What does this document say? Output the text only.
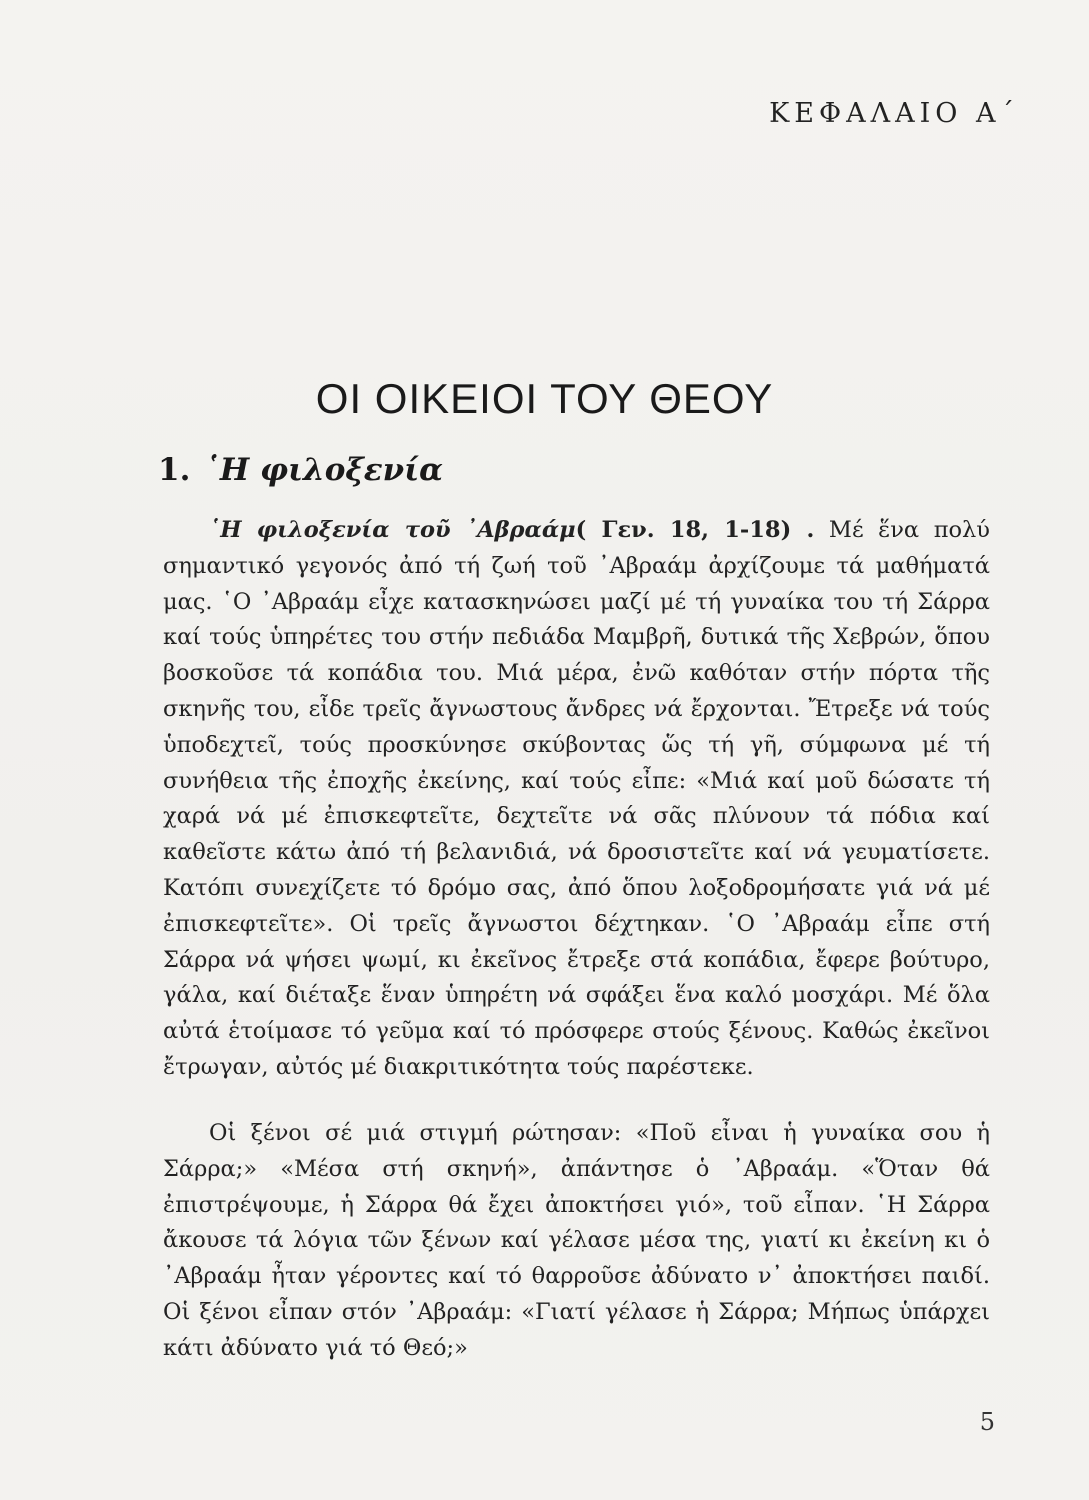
ΚΕΦΑΛΑΙΟ Α΄
ΟΙ ΟΙΚΕΙΟΙ ΤΟΥ ΘΕΟΥ
1. ῾Η φιλοξενία

῾Η φιλοξενία τοῦ ᾿Αβραάμ( Γεν. 18, 1-18) . Μέ ἕνα πολύ σημαντικό γεγονός ἀπό τή ζωή τοῦ ᾿Αβραάμ ἀρχίζουμε τά μαθήματά μας. ῾Ο ᾿Αβραάμ εἶχε κατασκηνώσει μαζί μέ τή γυναίκα του τή Σάρρα καί τούς ὑπηρέτες του στήν πεδιάδα Μαμβρῆ, δυτικά τῆς Χεβρών, ὅπου βοσκοῦσε τά κοπάδια του. Μιά μέρα, ἐνῶ καθόταν στήν πόρτα τῆς σκηνῆς του, εἶδε τρεῖς ἄγνωστους ἄνδρες νά ἔρχονται. Ἔτρεξε νά τούς ὑποδεχτεῖ, τούς προσκύνησε σκύβοντας ὥς τή γῆ, σύμφωνα μέ τή συνήθεια τῆς ἐποχῆς ἐκείνης, καί τούς εἶπε: «Μιά καί μοῦ δώσατε τή χαρά νά μέ ἐπισκεφτεῖτε, δεχτεῖτε νά σᾶς πλύνουν τά πόδια καί καθεῖστε κάτω ἀπό τή βελανιδιά, νά δροσιστεῖτε καί νά γευματίσετε. Κατόπι συνεχίζετε τό δρόμο σας, ἀπό ὅπου λοξοδρομήσατε γιά νά μέ ἐπισκεφτεῖτε». Οἱ τρεῖς ἄγνωστοι δέχτηκαν. ῾Ο ᾿Αβραάμ εἶπε στή Σάρρα νά ψήσει ψωμί, κι ἐκεῖνος ἔτρεξε στά κοπάδια, ἔφερε βούτυρο, γάλα, καί διέταξε ἕναν ὑπηρέτη νά σφάξει ἕνα καλό μοσχάρι. Μέ ὅλα αὐτά ἑτοίμασε τό γεῦμα καί τό πρόσφερε στούς ξένους. Καθώς ἐκεῖνοι ἔτρωγαν, αὐτός μέ διακριτικότητα τούς παρέστεκε.

Οἱ ξένοι σέ μιά στιγμή ρώτησαν: «Ποῦ εἶναι ἡ γυναίκα σου ἡ Σάρρα;» «Μέσα στή σκηνή», ἀπάντησε ὁ ᾿Αβραάμ. «Ὅταν θά ἐπιστρέψουμε, ἡ Σάρρα θά ἔχει ἀποκτήσει γιό», τοῦ εἶπαν. ῾Η Σάρρα ἄκουσε τά λόγια τῶν ξένων καί γέλασε μέσα της, γιατί κι ἐκείνη κι ὁ ᾿Αβραάμ ἦταν γέροντες καί τό θαρροῦσε ἀδύνατο ν᾿ ἀποκτήσει παιδί. Οἱ ξένοι εἶπαν στόν ᾿Αβραάμ: «Γιατί γέλασε ἡ Σάρρα; Μήπως ὑπάρχει κάτι ἀδύνατο γιά τό Θεό;»

5
